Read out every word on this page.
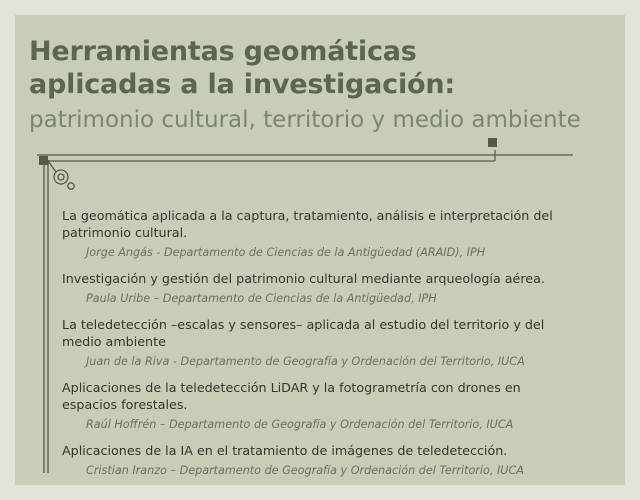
Herramientas geomáticas
aplicadas a la investigación:
patrimonio cultural, territorio y medio ambiente

La geomática aplicada a la captura, tratamiento, análisis e interpretación del patrimonio cultural.

Jorge Angás - Departamento de Ciencias de la Antigüedad (ARAID), IPH

Investigación y gestión del patrimonio cultural mediante arqueología aérea.

Paula Uribe – Departamento de Ciencias de la Antigüedad, IPH

La teledetección –escalas y sensores– aplicada al estudio del territorio y del medio ambiente

Juan de la Riva - Departamento de Geografía y Ordenación del Territorio, IUCA

Aplicaciones de la teledetección LiDAR y la fotogrametría con drones en espacios forestales.

Raúl Hoffrén – Departamento de Geografía y Ordenación del Territorio, IUCA

Aplicaciones de la IA en el tratamiento de imágenes de teledetección.

Cristian Iranzo – Departamento de Geografía y Ordenación del Territorio, IUCA
